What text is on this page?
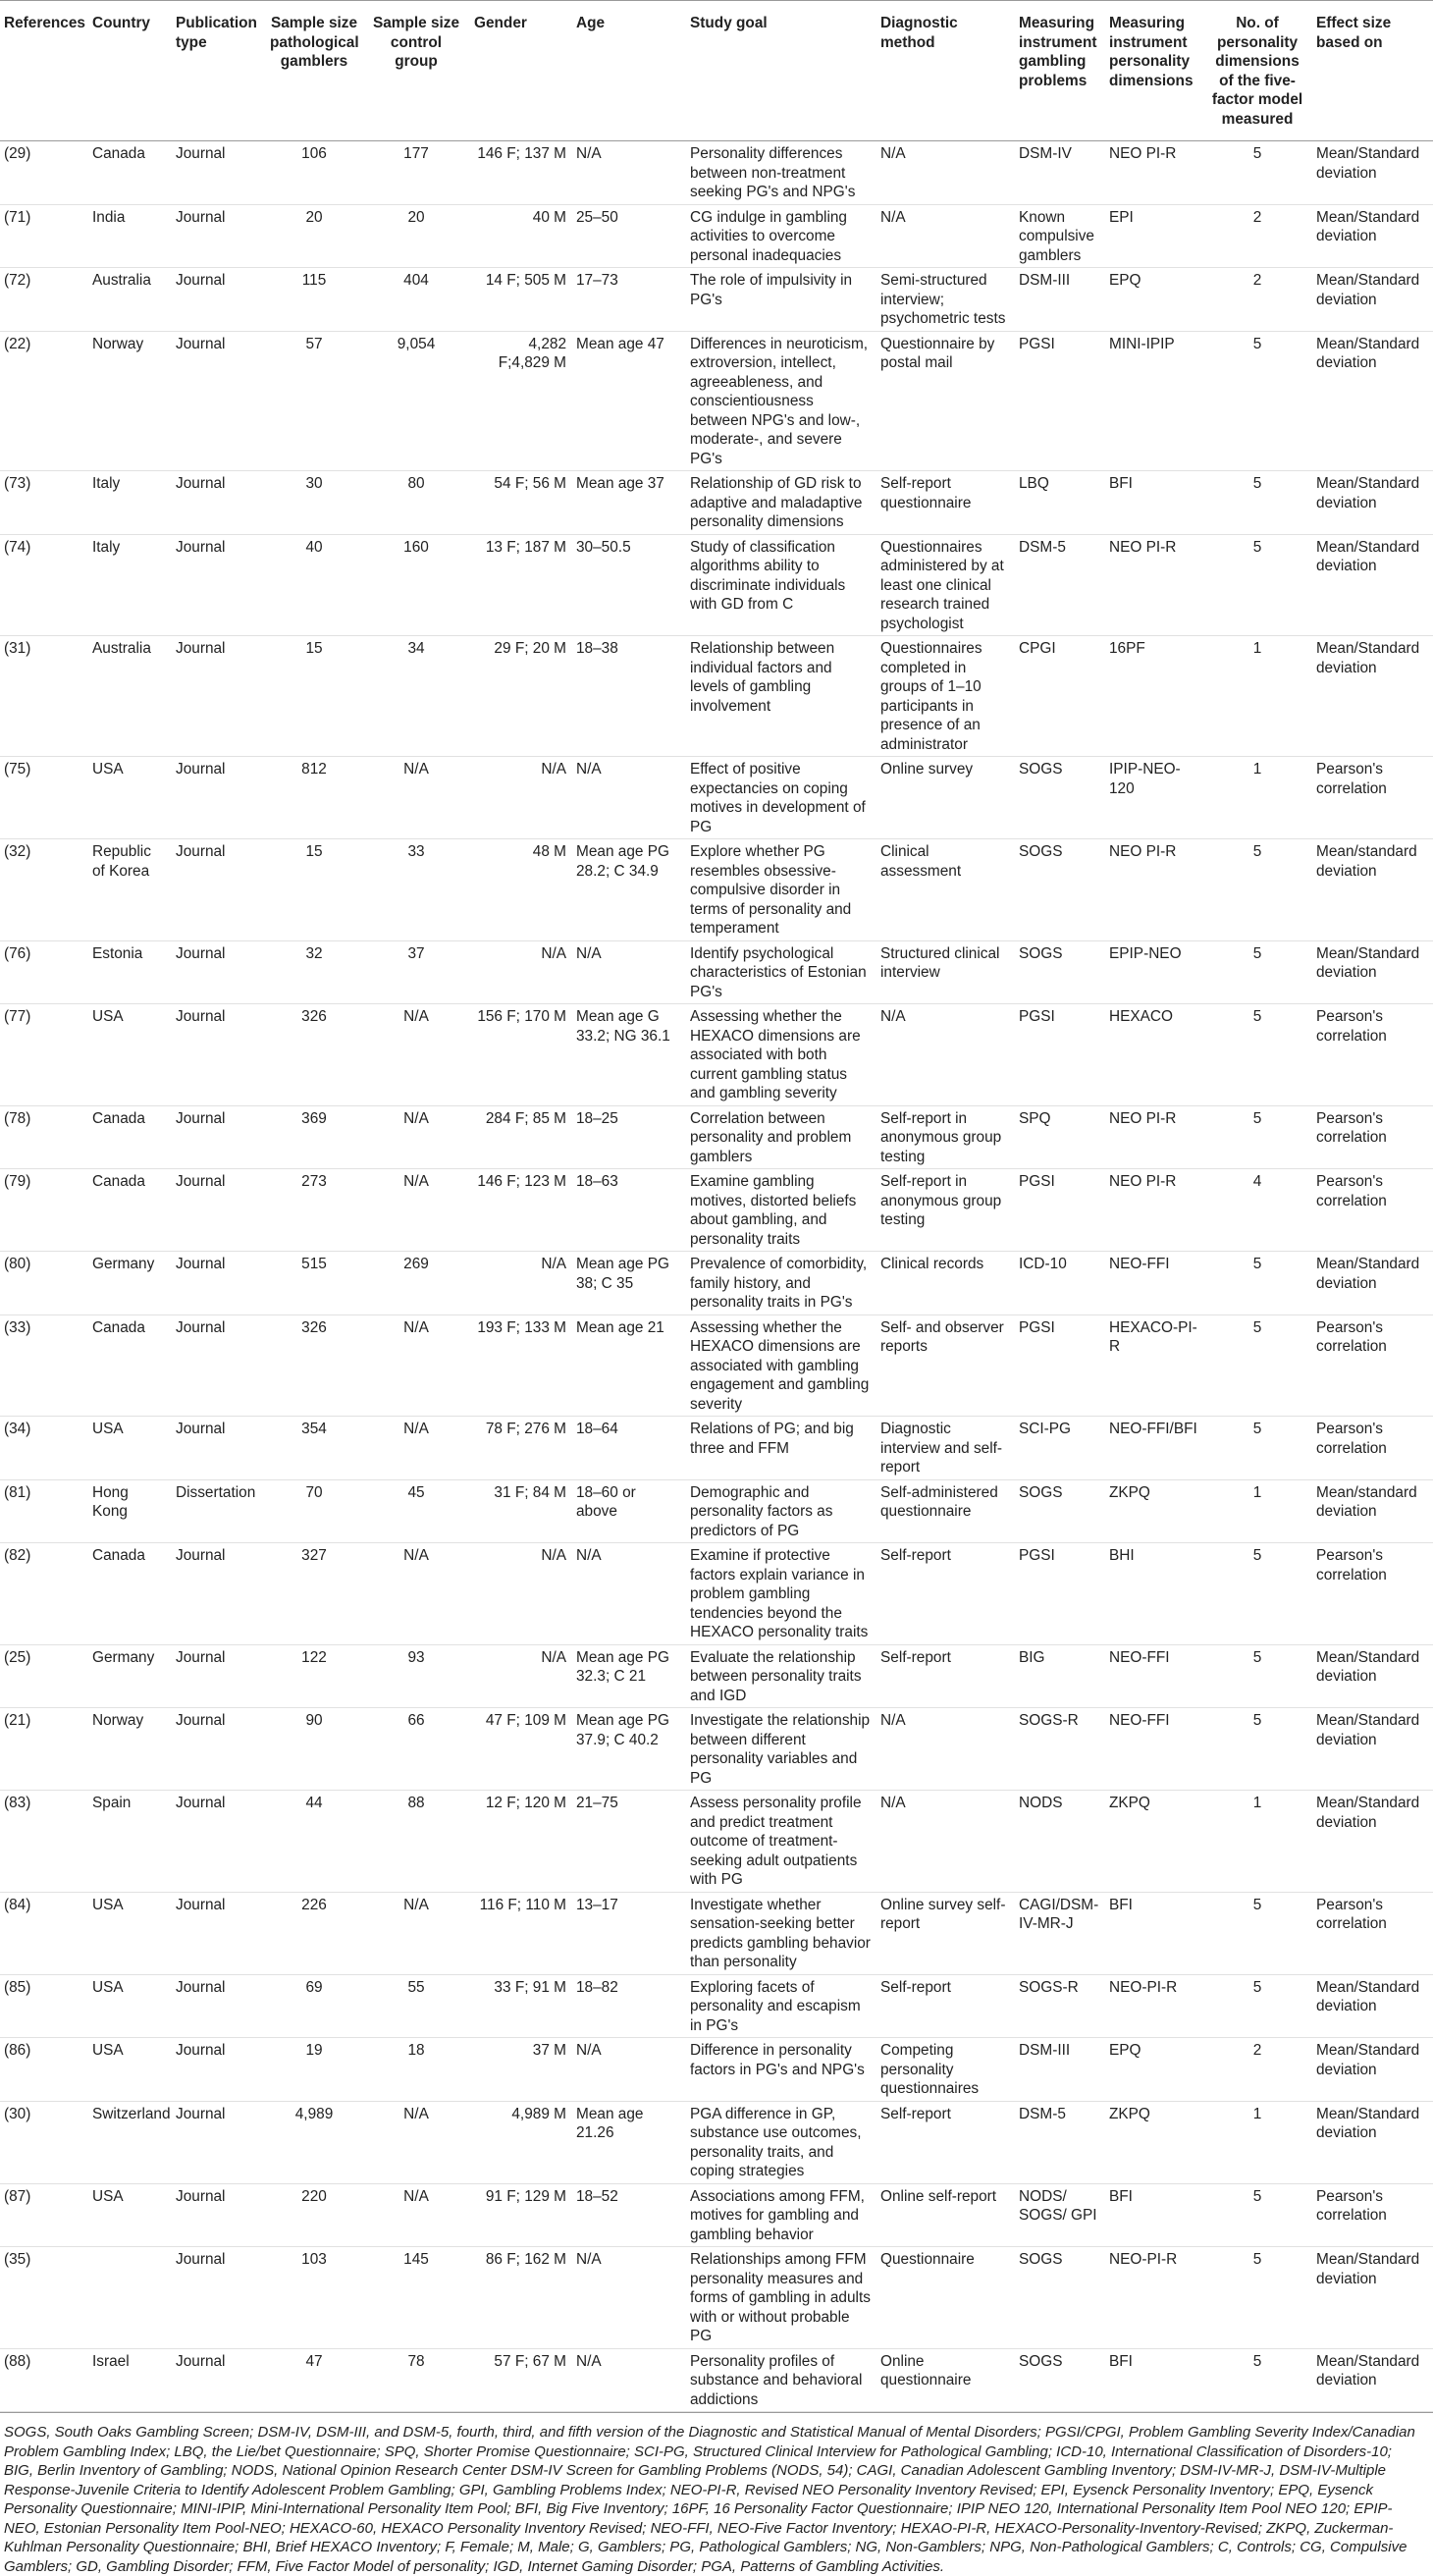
References	Country	Publication type	Sample size pathological gamblers	Sample size control group	Gender	Age	Study goal	Diagnostic method	Measuring instrument gambling problems	Measuring instrument personality dimensions	No. of personality dimensions of the five-factor model measured	Effect size based on
(29)	Canada	Journal	106	177	146 F; 137 M	N/A	Personality differences between non-treatment seeking PG's and NPG's	N/A	DSM-IV	NEO PI-R	5	Mean/Standard deviation
(71)	India	Journal	20	20	40 M	25–50	CG indulge in gambling activities to overcome personal inadequacies	N/A	Known compulsive gamblers	EPI	2	Mean/Standard deviation
(72)	Australia	Journal	115	404	14 F; 505 M	17–73	The role of impulsivity in PG's	Semi-structured interview; psychometric tests	DSM-III	EPQ	2	Mean/Standard deviation
(22)	Norway	Journal	57	9,054	4,282 F;4,829 M	Mean age 47	Differences in neuroticism, extroversion, intellect, agreeableness, and conscientiousness between NPG's and low-, moderate-, and severe PG's	Questionnaire by postal mail	PGSI	MINI-IPIP	5	Mean/Standard deviation
(73)	Italy	Journal	30	80	54 F; 56 M	Mean age 37	Relationship of GD risk to adaptive and maladaptive personality dimensions	Self-report questionnaire	LBQ	BFI	5	Mean/Standard deviation
(74)	Italy	Journal	40	160	13 F; 187 M	30–50.5	Study of classification algorithms ability to discriminate individuals with GD from C	Questionnaires administered by at least one clinical research trained psychologist	DSM-5	NEO PI-R	5	Mean/Standard deviation
(31)	Australia	Journal	15	34	29 F; 20 M	18–38	Relationship between individual factors and levels of gambling involvement	Questionnaires completed in groups of 1–10 participants in presence of an administrator	CPGI	16PF	1	Mean/Standard deviation
(75)	USA	Journal	812	N/A	N/A	N/A	Effect of positive expectancies on coping motives in development of PG	Online survey	SOGS	IPIP-NEO-120	1	Pearson's correlation
(32)	Republic of Korea	Journal	15	33	48 M	Mean age PG 28.2; C 34.9	Explore whether PG resembles obsessive-compulsive disorder in terms of personality and temperament	Clinical assessment	SOGS	NEO PI-R	5	Mean/standard deviation
(76)	Estonia	Journal	32	37	N/A	N/A	Identify psychological characteristics of Estonian PG's	Structured clinical interview	SOGS	EPIP-NEO	5	Mean/Standard deviation
(77)	USA	Journal	326	N/A	156 F; 170 M	Mean age G 33.2; NG 36.1	Assessing whether the HEXACO dimensions are associated with both current gambling status and gambling severity	N/A	PGSI	HEXACO	5	Pearson's correlation
(78)	Canada	Journal	369	N/A	284 F; 85 M	18–25	Correlation between personality and problem gamblers	Self-report in anonymous group testing	SPQ	NEO PI-R	5	Pearson's correlation
(79)	Canada	Journal	273	N/A	146 F; 123 M	18–63	Examine gambling motives, distorted beliefs about gambling, and personality traits	Self-report in anonymous group testing	PGSI	NEO PI-R	4	Pearson's correlation
(80)	Germany	Journal	515	269	N/A	Mean age PG 38; C 35	Prevalence of comorbidity, family history, and personality traits in PG's	Clinical records	ICD-10	NEO-FFI	5	Mean/Standard deviation
(33)	Canada	Journal	326	N/A	193 F; 133 M	Mean age 21	Assessing whether the HEXACO dimensions are associated with gambling engagement and gambling severity	Self- and observer reports	PGSI	HEXACO-PI-R	5	Pearson's correlation
(34)	USA	Journal	354	N/A	78 F; 276 M	18–64	Relations of PG; and big three and FFM	Diagnostic interview and self-report	SCI-PG	NEO-FFI/BFI	5	Pearson's correlation
(81)	Hong Kong	Dissertation	70	45	31 F; 84 M	18–60 or above	Demographic and personality factors as predictors of PG	Self-administered questionnaire	SOGS	ZKPQ	1	Mean/standard deviation
(82)	Canada	Journal	327	N/A	N/A	N/A	Examine if protective factors explain variance in problem gambling tendencies beyond the HEXACO personality traits	Self-report	PGSI	BHI	5	Pearson's correlation
(25)	Germany	Journal	122	93	N/A	Mean age PG 32.3; C 21	Evaluate the relationship between personality traits and IGD	Self-report	BIG	NEO-FFI	5	Mean/Standard deviation
(21)	Norway	Journal	90	66	47 F; 109 M	Mean age PG 37.9; C 40.2	Investigate the relationship between different personality variables and PG	N/A	SOGS-R	NEO-FFI	5	Mean/Standard deviation
(83)	Spain	Journal	44	88	12 F; 120 M	21–75	Assess personality profile and predict treatment outcome of treatment-seeking adult outpatients with PG	N/A	NODS	ZKPQ	1	Mean/Standard deviation
(84)	USA	Journal	226	N/A	116 F; 110 M	13–17	Investigate whether sensation-seeking better predicts gambling behavior than personality	Online survey self-report	CAGI/DSM-IV-MR-J	BFI	5	Pearson's correlation
(85)	USA	Journal	69	55	33 F; 91 M	18–82	Exploring facets of personality and escapism in PG's	Self-report	SOGS-R	NEO-PI-R	5	Mean/Standard deviation
(86)	USA	Journal	19	18	37 M	N/A	Difference in personality factors in PG's and NPG's	Competing personality questionnaires	DSM-III	EPQ	2	Mean/Standard deviation
(30)	Switzerland	Journal	4,989	N/A	4,989 M	Mean age 21.26	PGA difference in GP, substance use outcomes, personality traits, and coping strategies	Self-report	DSM-5	ZKPQ	1	Mean/Standard deviation
(87)	USA	Journal	220	N/A	91 F; 129 M	18–52	Associations among FFM, motives for gambling and gambling behavior	Online self-report	NODS/ SOGS/ GPI	BFI	5	Pearson's correlation
(35)		Journal	103	145	86 F; 162 M	N/A	Relationships among FFM personality measures and forms of gambling in adults with or without probable PG	Questionnaire	SOGS	NEO-PI-R	5	Mean/Standard deviation
(88)	Israel	Journal	47	78	57 F; 67 M	N/A	Personality profiles of substance and behavioral addictions	Online questionnaire	SOGS	BFI	5	Mean/Standard deviation
SOGS, South Oaks Gambling Screen; DSM-IV, DSM-III, and DSM-5, fourth, third, and fifth version of the Diagnostic and Statistical Manual of Mental Disorders; PGSI/CPGI, Problem Gambling Severity Index/Canadian Problem Gambling Index; LBQ, the Lie/bet Questionnaire; SPQ, Shorter Promise Questionnaire; SCI-PG, Structured Clinical Interview for Pathological Gambling; ICD-10, International Classification of Disorders-10; BIG, Berlin Inventory of Gambling; NODS, National Opinion Research Center DSM-IV Screen for Gambling Problems (NODS, 54); CAGI, Canadian Adolescent Gambling Inventory; DSM-IV-MR-J, DSM-IV-Multiple Response-Juvenile Criteria to Identify Adolescent Problem Gambling; GPI, Gambling Problems Index; NEO-PI-R, Revised NEO Personality Inventory Revised; EPI, Eysenck Personality Inventory; EPQ, Eysenck Personality Questionnaire; MINI-IPIP, Mini-International Personality Item Pool; BFI, Big Five Inventory; 16PF, 16 Personality Factor Questionnaire; IPIP NEO 120, International Personality Item Pool NEO 120; EPIP-NEO, Estonian Personality Item Pool-NEO; HEXACO-60, HEXACO Personality Inventory Revised; NEO-FFI, NEO-Five Factor Inventory; HEXAO-PI-R, HEXACO-Personality-Inventory-Revised; ZKPQ, Zuckerman-Kuhlman Personality Questionnaire; BHI, Brief HEXACO Inventory; F, Female; M, Male; G, Gamblers; PG, Pathological Gamblers; NG, Non-Gamblers; NPG, Non-Pathological Gamblers; C, Controls; CG, Compulsive Gamblers; GD, Gambling Disorder; FFM, Five Factor Model of personality; IGD, Internet Gaming Disorder; PGA, Patterns of Gambling Activities.
